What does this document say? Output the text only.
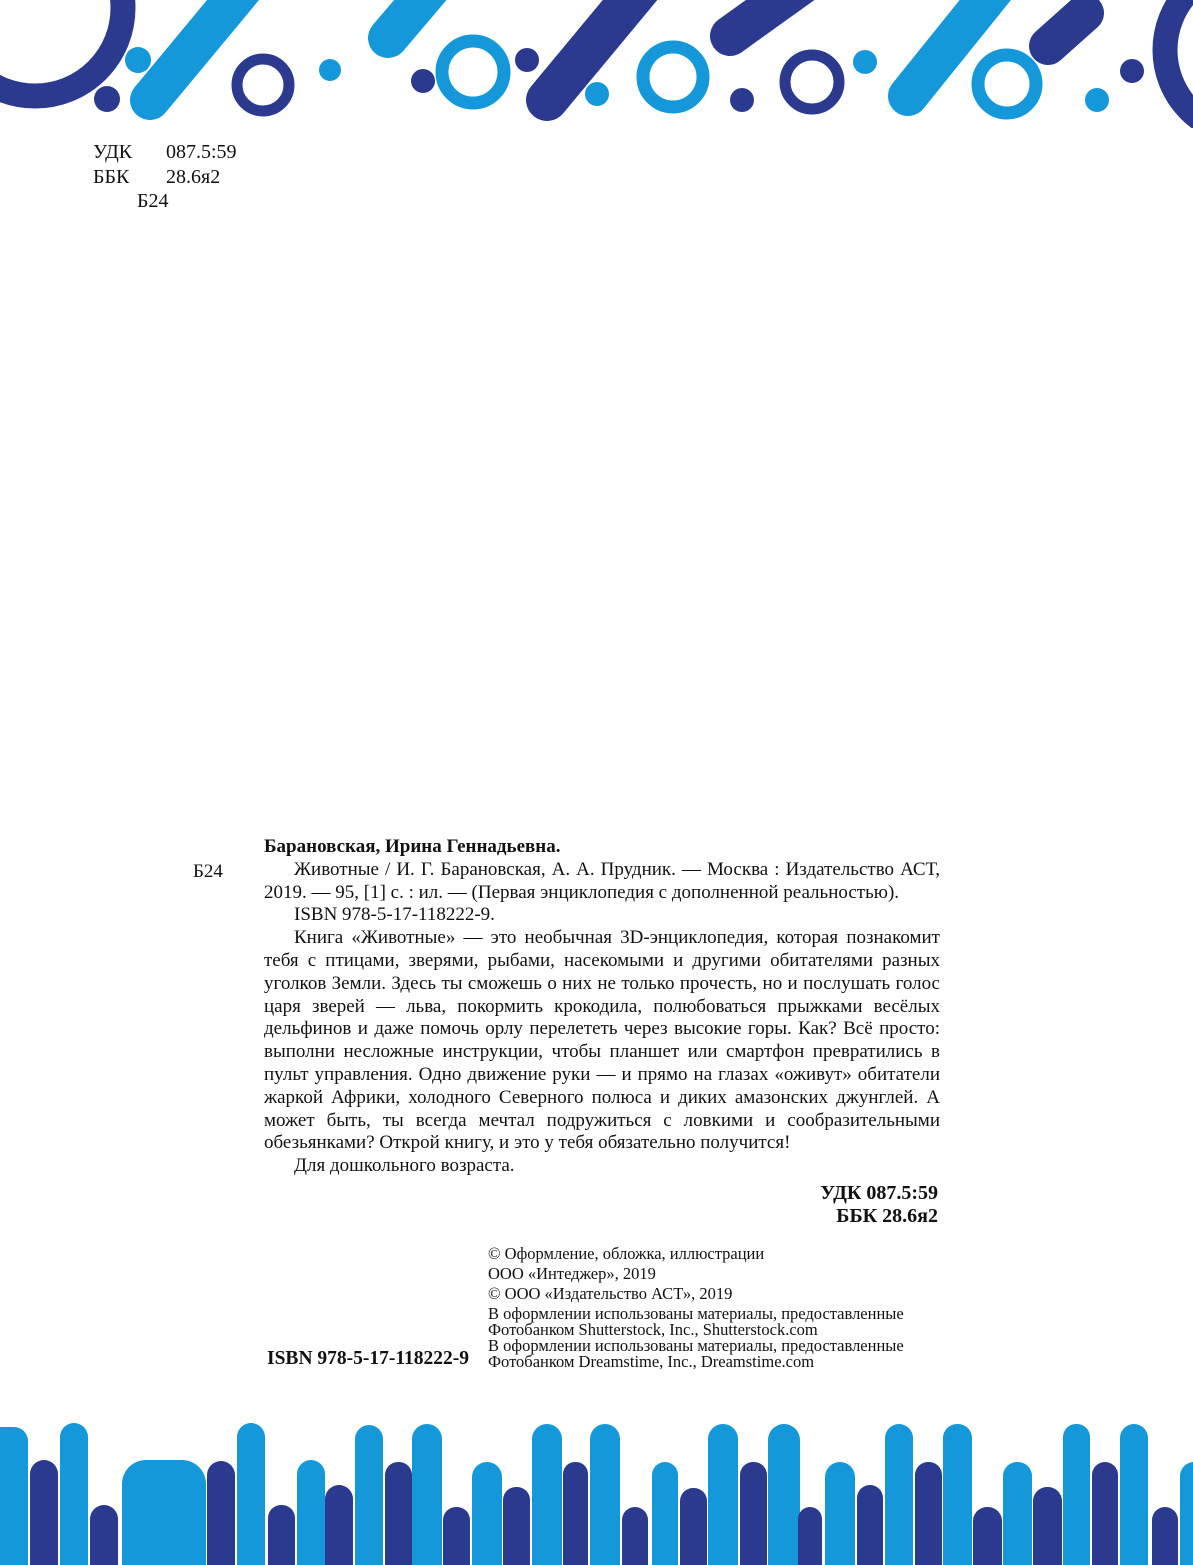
УДК	087.5:59
ББК	28.6я2
Б24
Б24

Барановская, Ирина Геннадьевна.

Животные / И. Г. Барановская, А. А. Прудник. — Москва : Издательство АСТ, 2019. — 95, [1] с. : ил. — (Первая энциклопедия с дополненной реальностью).

ISBN 978-5-17-118222-9.

Книга «Животные» — это необычная 3D-энциклопедия, которая познакомит тебя с птицами, зверями, рыбами, насекомыми и другими обитателями разных уголков Земли. Здесь ты сможешь о них не только прочесть, но и послушать голос царя зверей — льва, покормить крокодила, полюбоваться прыжками весёлых дельфинов и даже помочь орлу перелететь через высокие горы. Как? Всё просто: выполни несложные инструкции, чтобы планшет или смартфон превратились в пульт управления. Одно движение руки — и прямо на глазах «оживут» обитатели жаркой Африки, холодного Северного полюса и диких амазонских джунглей. А может быть, ты всегда мечтал подружиться с ловкими и сообразительными обезьянками? Открой книгу, и это у тебя обязательно получится!

Для дошкольного возраста.

УДК 087.5:59
ББК 28.6я2
© Оформление, обложка, иллюстрации
ООО «Интеджер», 2019
© ООО «Издательство АСТ», 2019
В оформлении использованы материалы, предоставленные
Фотобанком Shutterstock, Inc., Shutterstock.com
В оформлении использованы материалы, предоставленные
Фотобанком Dreamstime, Inc., Dreamstime.com
ISBN 978-5-17-118222-9
